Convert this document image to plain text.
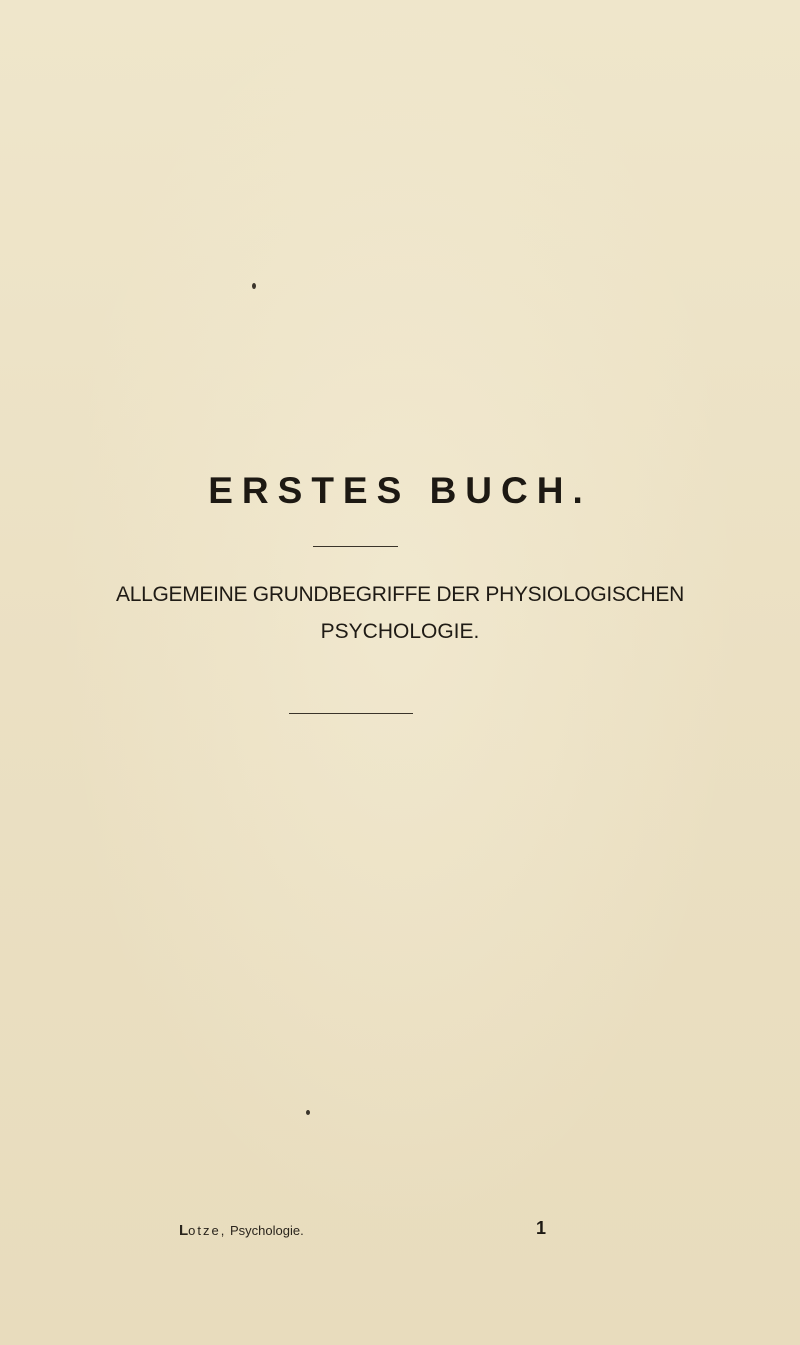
ERSTES BUCH.
ALLGEMEINE GRUNDBEGRIFFE DER PHYSIOLOGISCHEN
PSYCHOLOGIE.
Lotze, Psychologie.	1
